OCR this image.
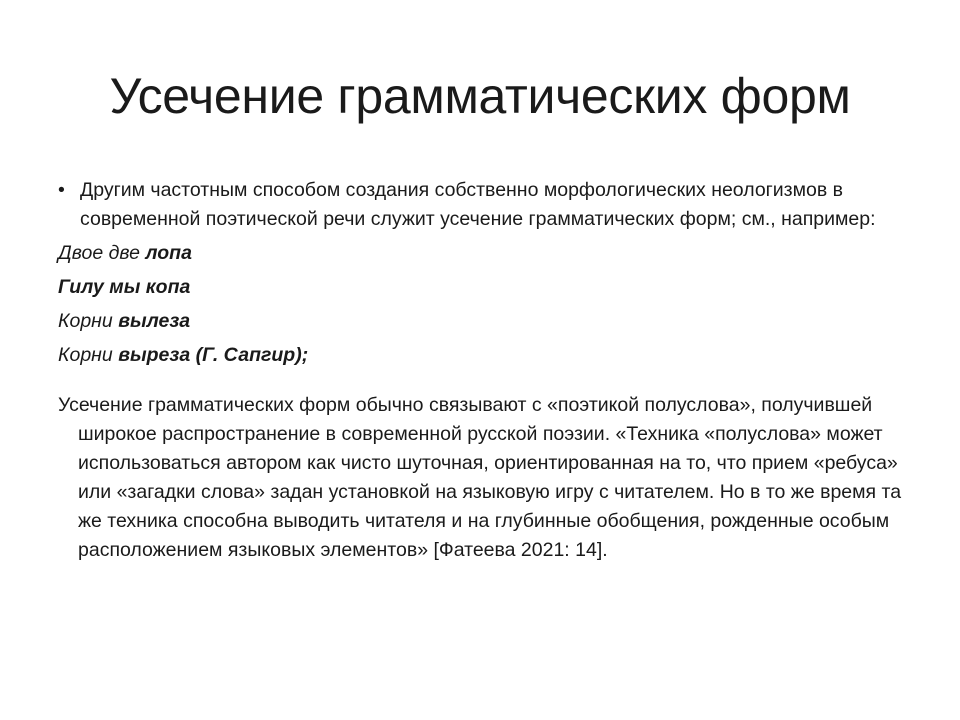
Усечение грамматических форм
• Другим частотным способом создания собственно морфологических неологизмов в современной поэтической речи служит усечение грамматических форм; см., например:

Двое две лопа

Гилу мы копа

Корни вылеза

Корни выреза (Г. Сапгир);

Усечение грамматических форм обычно связывают с «поэтикой полуслова», получившей широкое распространение в современной русской поэзии. «Техника «полуслова» может использоваться автором как чисто шуточная, ориентированная на то, что прием «ребуса» или «загадки слова» задан установкой на языковую игру с читателем. Но в то же время та же техника способна выводить читателя и на глубинные обобщения, рожденные особым расположением языковых элементов» [Фатеева 2021: 14].
